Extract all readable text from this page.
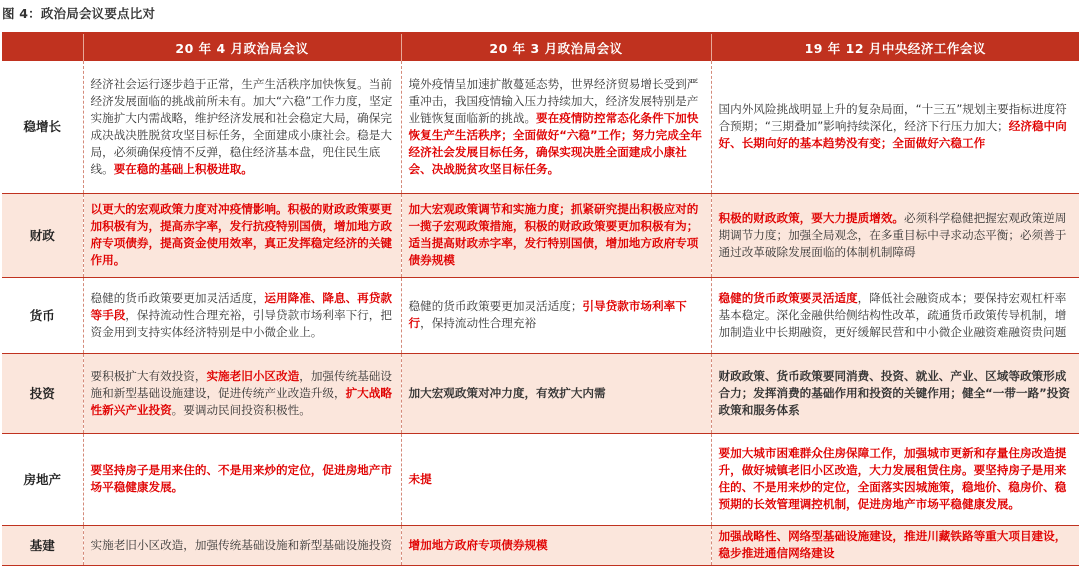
图 4：政治局会议要点比对
	20 年 4 月政治局会议	20 年 3 月政治局会议	19 年 12 月中央经济工作会议
稳增长	经济社会运行逐步趋于正常，生产生活秩序加快恢复。当前经济发展面临的挑战前所未有。加大“六稳”工作力度，坚定实施扩大内需战略，维护经济发展和社会稳定大局，确保完成决战决胜脱贫攻坚目标任务，全面建成小康社会。稳是大局，必须确保疫情不反弹，稳住经济基本盘，兜住民生底线。要在稳的基础上积极进取。	境外疫情呈加速扩散蔓延态势，世界经济贸易增长受到严重冲击，我国疫情输入压力持续加大，经济发展特别是产业链恢复面临新的挑战。要在疫情防控常态化条件下加快恢复生产生活秩序；全面做好“六稳”工作；努力完成全年经济社会发展目标任务，确保实现决胜全面建成小康社会、决战脱贫攻坚目标任务。	国内外风险挑战明显上升的复杂局面，“十三五”规划主要指标进度符合预期；“三期叠加”影响持续深化，经济下行压力加大；经济稳中向好、长期向好的基本趋势没有变；全面做好六稳工作
财政	以更大的宏观政策力度对冲疫情影响。积极的财政政策要更加积极有为，提高赤字率，发行抗疫特别国债，增加地方政府专项债券，提高资金使用效率，真正发挥稳定经济的关键作用。	加大宏观政策调节和实施力度；抓紧研究提出积极应对的一揽子宏观政策措施，积极的财政政策要更加积极有为；适当提高财政赤字率，发行特别国债，增加地方政府专项债券规模	积极的财政政策，要大力提质增效。必须科学稳健把握宏观政策逆周期调节力度；加强全局观念，在多重目标中寻求动态平衡；必须善于通过改革破除发展面临的体制机制障碍
货币	稳健的货币政策要更加灵活适度，运用降准、降息、再贷款等手段，保持流动性合理充裕，引导贷款市场利率下行，把资金用到支持实体经济特别是中小微企业上。	稳健的货币政策要更加灵活适度；引导贷款市场利率下行，保持流动性合理充裕	稳健的货币政策要灵活适度，降低社会融资成本；要保持宏观杠杆率基本稳定。深化金融供给侧结构性改革，疏通货币政策传导机制，增加制造业中长期融资，更好缓解民营和中小微企业融资难融资贵问题
投资	要积极扩大有效投资，实施老旧小区改造，加强传统基础设施和新型基础设施建设，促进传统产业改造升级，扩大战略性新兴产业投资。要调动民间投资积极性。	加大宏观政策对冲力度，有效扩大内需	财政政策、货币政策要同消费、投资、就业、产业、区域等政策形成合力；发挥消费的基础作用和投资的关键作用；健全“一带一路”投资政策和服务体系
房地产	要坚持房子是用来住的、不是用来炒的定位，促进房地产市场平稳健康发展。	未提	要加大城市困难群众住房保障工作，加强城市更新和存量住房改造提升，做好城镇老旧小区改造，大力发展租赁住房。要坚持房子是用来住的、不是用来炒的定位，全面落实因城施策，稳地价、稳房价、稳预期的长效管理调控机制，促进房地产市场平稳健康发展。
基建	实施老旧小区改造，加强传统基础设施和新型基础设施投资	增加地方政府专项债券规模	加强战略性、网络型基础设施建设，推进川藏铁路等重大项目建设，稳步推进通信网络建设
